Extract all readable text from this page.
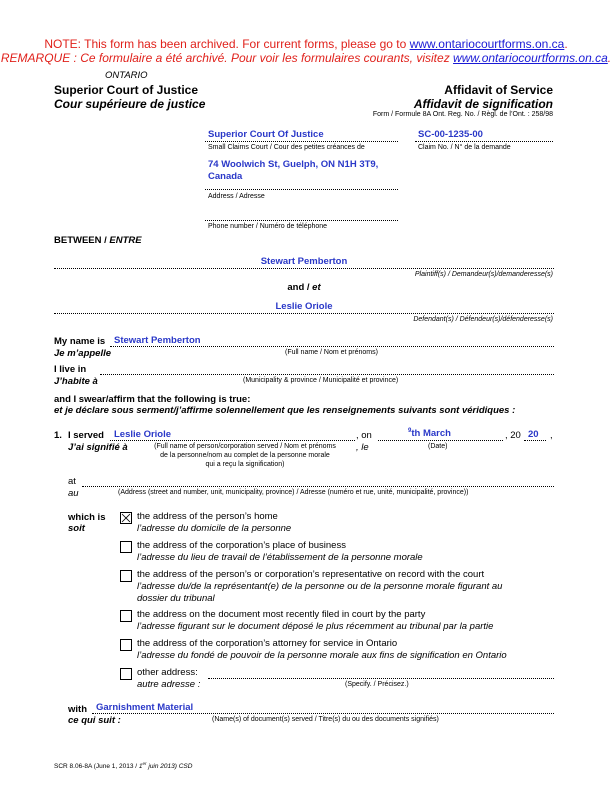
NOTE: This form has been archived. For current forms, please go to www.ontariocourtforms.on.ca.
REMARQUE : Ce formulaire a été archivé. Pour voir les formulaires courants, visitez www.ontariocourtforms.on.ca.
ONTARIO
Superior Court of Justice
Cour supérieure de justice
Affidavit of Service
Affidavit de signification
Form / Formule 8A Ont. Reg. No. / Règl. de l’Ont. : 258/98
Superior Court Of Justice
Small Claims Court / Cour des petites créances de
SC-00-1235-00
Claim No. / N° de la demande
74 Woolwich St, Guelph, ON N1H 3T9,
Canada
Address / Adresse
Phone number / Numéro de téléphone
BETWEEN / ENTRE
Stewart Pemberton
Plaintiff(s) / Demandeur(s)/demanderesse(s)
and / et
Leslie Oriole
Defendant(s) / Défendeur(s)/défenderesse(s)
My name is
Je m’appelle
Stewart Pemberton
(Full name / Nom et prénoms)
I live in
J’habite à	(Municipality & province / Municipalité et province)
and I swear/affirm that the following is true:
et je déclare sous serment/j’affirme solennellement que les renseignements suivants sont véridiques :
1. I served
J’ai signifié à
Leslie Oriole
(Full name of person/corporation served / Nom et prénoms
de la personne/nom au complet de la personne morale
qui a reçu la signification)
, on
, le
$^9$th March
(Date)
, 20 20 ,
at
au	(Address (street and number, unit, municipality, province) / Adresse (numéro et rue, unité, municipalité, province))
which is
soit
the address of the person’s home
l’adresse du domicile de la personne
the address of the corporation’s place of business
l’adresse du lieu de travail de l’établissement de la personne morale
the address of the person’s or corporation’s representative on record with the court
l’adresse du/de la représentant(e) de la personne ou de la personne morale figurant au
dossier du tribunal
the address on the document most recently filed in court by the party
l’adresse figurant sur le document déposé le plus récemment au tribunal par la partie
the address of the corporation’s attorney for service in Ontario
l’adresse du fondé de pouvoir de la personne morale aux fins de signification en Ontario
other address:
autre adresse :	(Specify. / Précisez.)
with
ce qui suit :
Garnishment Material
(Name(s) of document(s) served / Titre(s) du ou des documents signifiés)
SCR 8.06-8A (June 1, 2013 / 1er juin 2013) CSD
